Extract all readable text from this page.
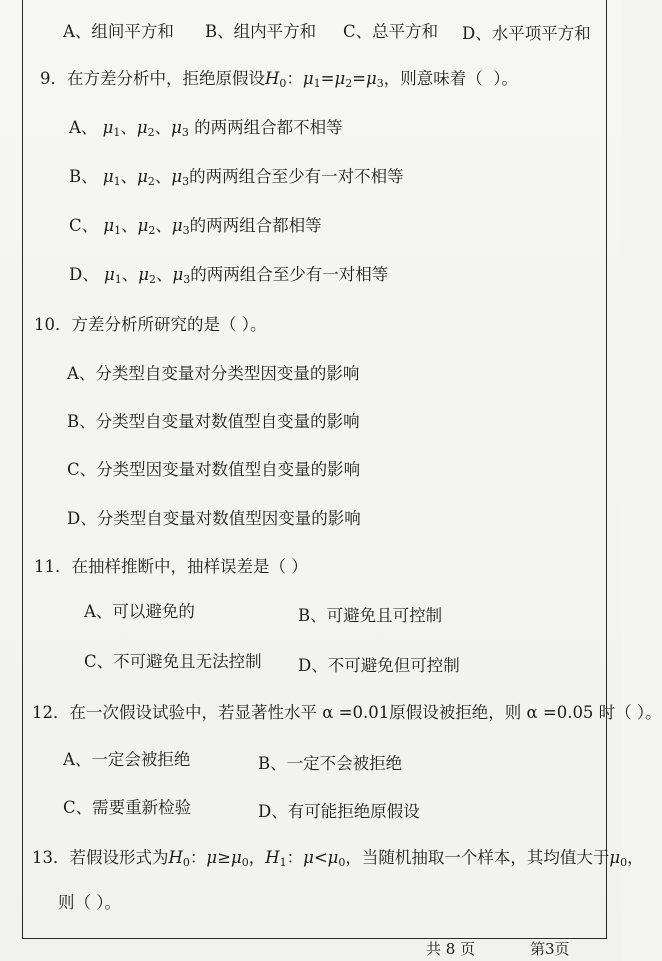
A、组间平方和 B、组内平方和 C、总平方和 D、水平项平方和
9．在方差分析中，拒绝原假设$H_0$：$\mu_1=\mu_2=\mu_3$，则意味着（  ）。
A、 $\mu_1$、$\mu_2$、$\mu_3$ 的两两组合都不相等
B、 $\mu_1$、$\mu_2$、$\mu_3$的两两组合至少有一对不相等
C、 $\mu_1$、$\mu_2$、$\mu_3$的两两组合都相等
D、 $\mu_1$、$\mu_2$、$\mu_3$的两两组合至少有一对相等
10．方差分析所研究的是（ ）。
A、分类型自变量对分类型因变量的影响
B、分类型自变量对数值型自变量的影响
C、分类型因变量对数值型自变量的影响
D、分类型自变量对数值型因变量的影响
11．在抽样推断中，抽样误差是（ ）
A、可以避免的	B、可避免且可控制
C、不可避免且无法控制 D、不可避免但可控制
12．在一次假设试验中，若显著性水平 α =0.01原假设被拒绝，则 α =0.05 时（ ）。
A、一定会被拒绝	B、一定不会被拒绝
C、需要重新检验	D、有可能拒绝原假设
13．若假设形式为$H_0$：$\mu\ge\mu_0$，$H_1$：$\mu<\mu_0$，当随机抽取一个样本，其均值大于$\mu_0$，
则（ ）。
共 8 页	第3页
